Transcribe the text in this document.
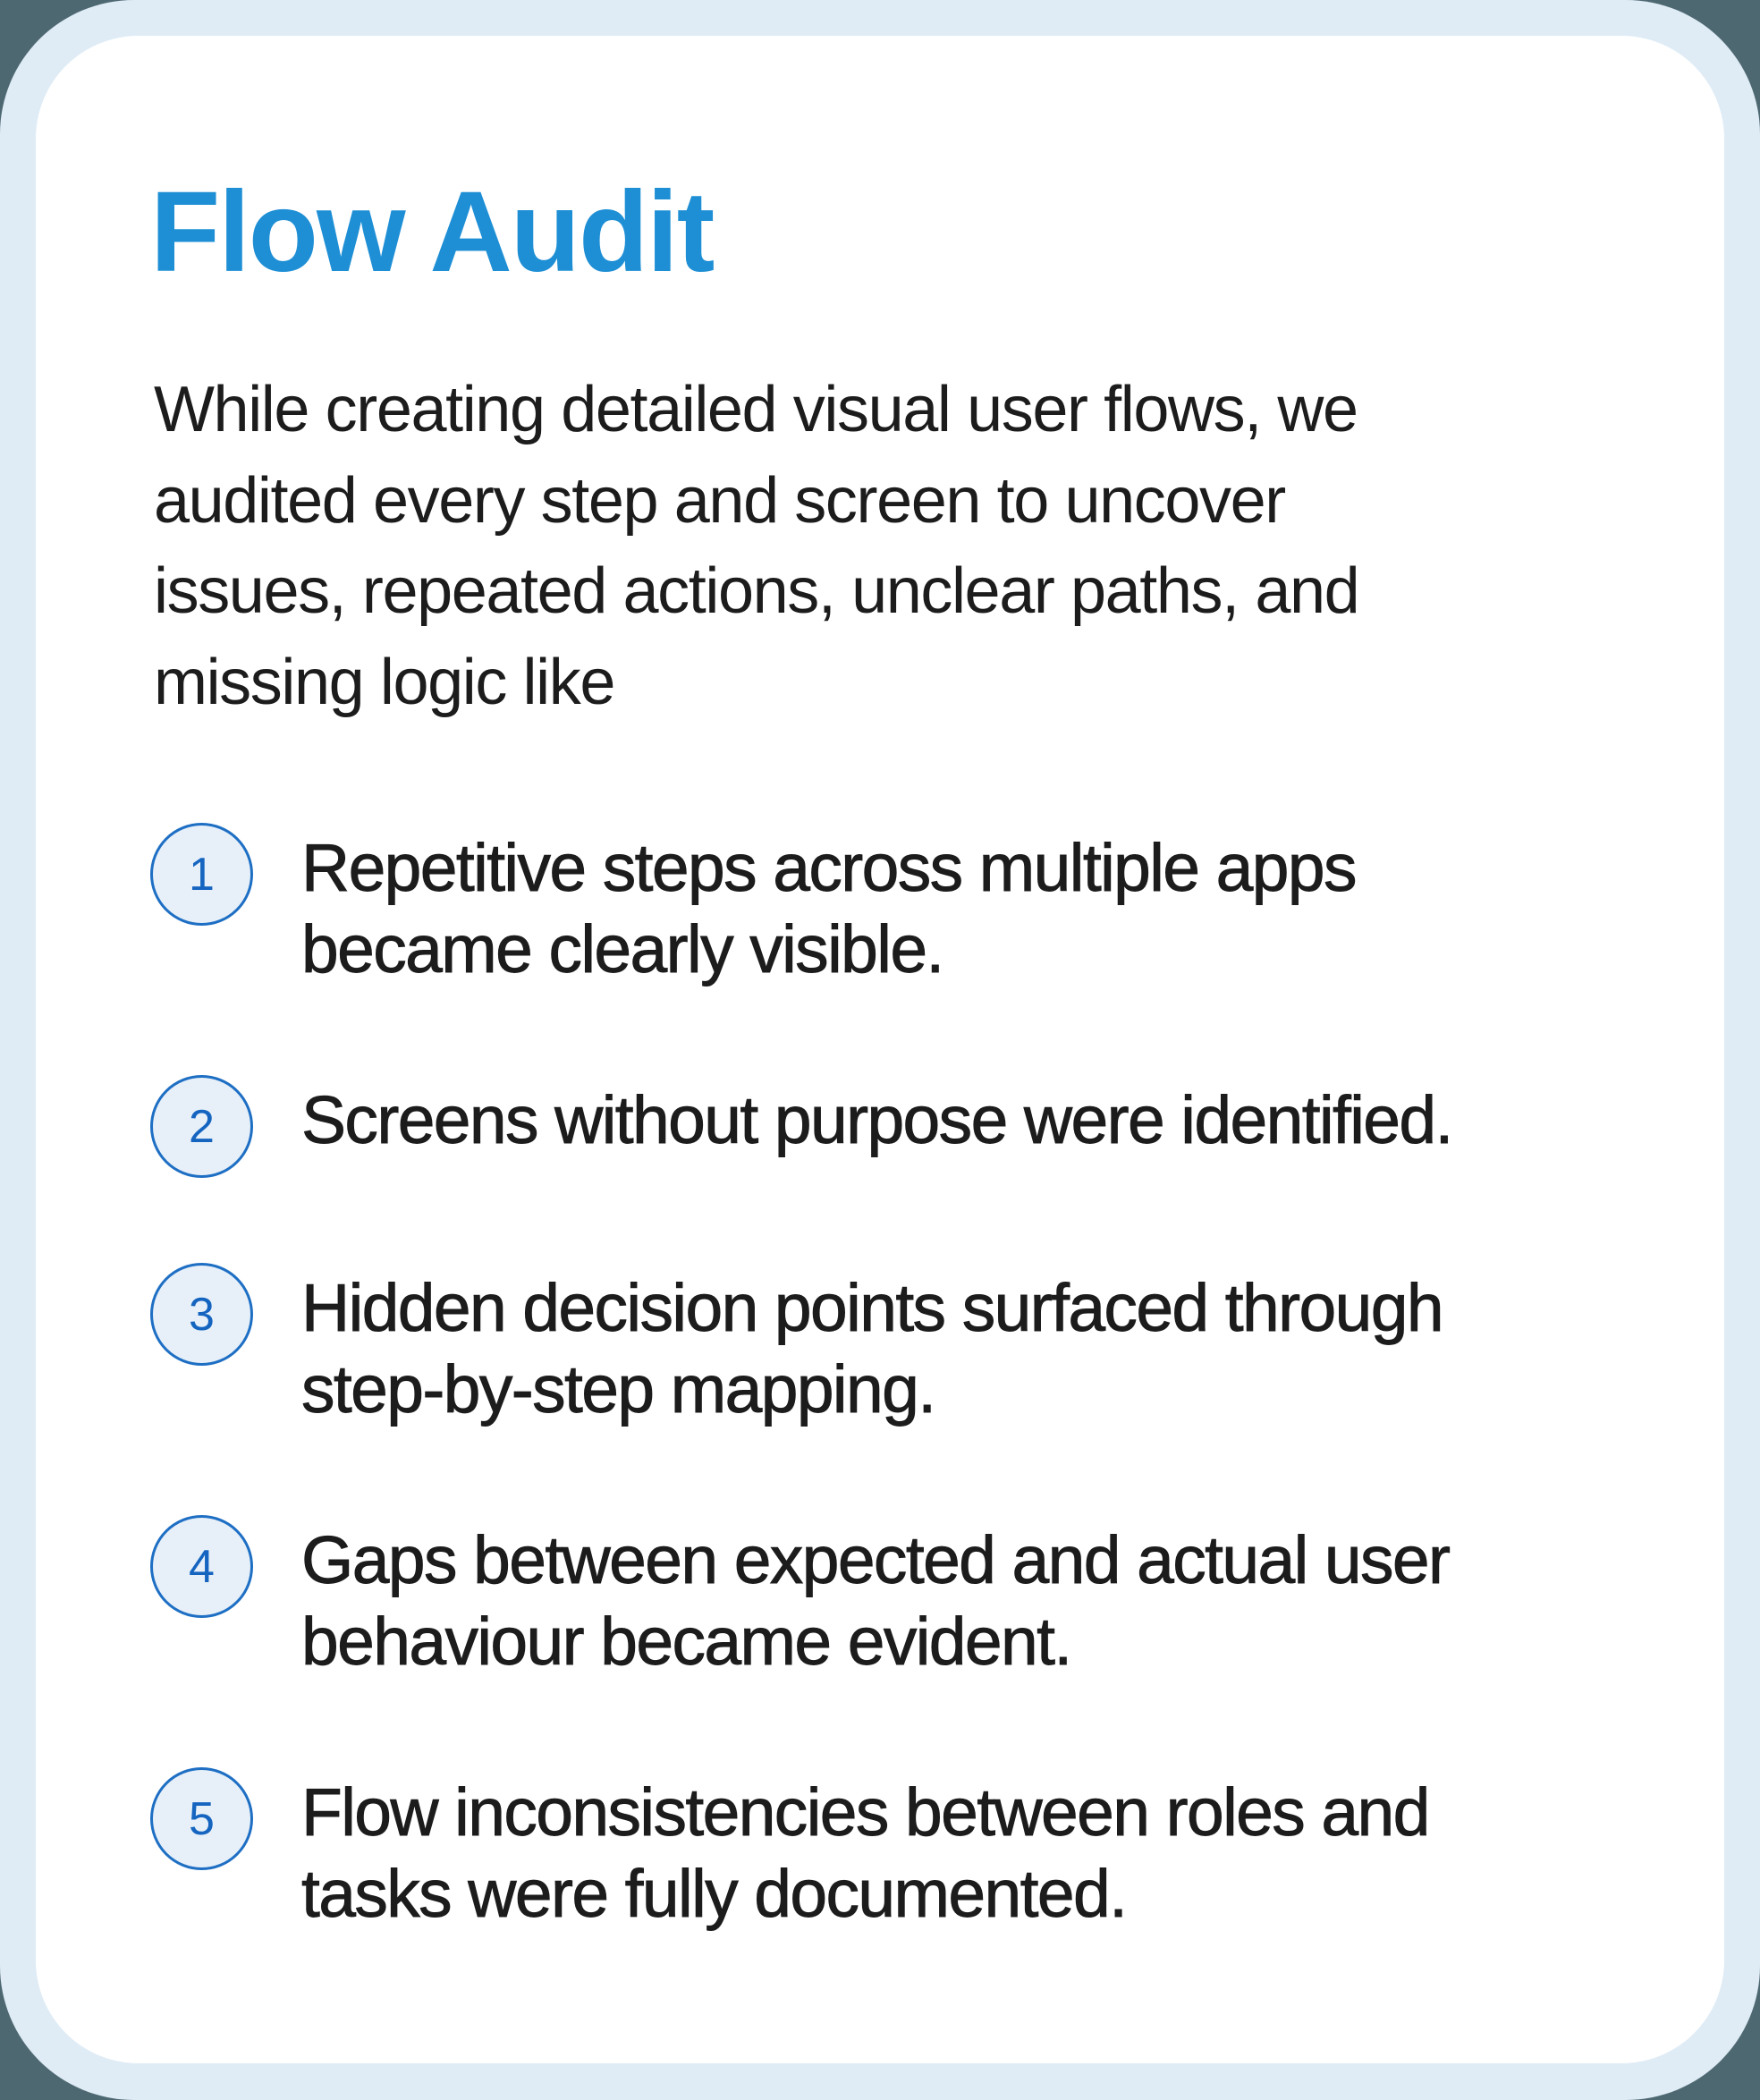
Flow Audit

While creating detailed visual user flows, we
audited every step and screen to uncover
issues, repeated actions, unclear paths, and
missing logic like

1	Repetitive steps across multiple apps
became clearly visible.
2	Screens without purpose were identified.
3	Hidden decision points surfaced through
step-by-step mapping.
4	Gaps between expected and actual user
behaviour became evident.
5	Flow inconsistencies between roles and
tasks were fully documented.
